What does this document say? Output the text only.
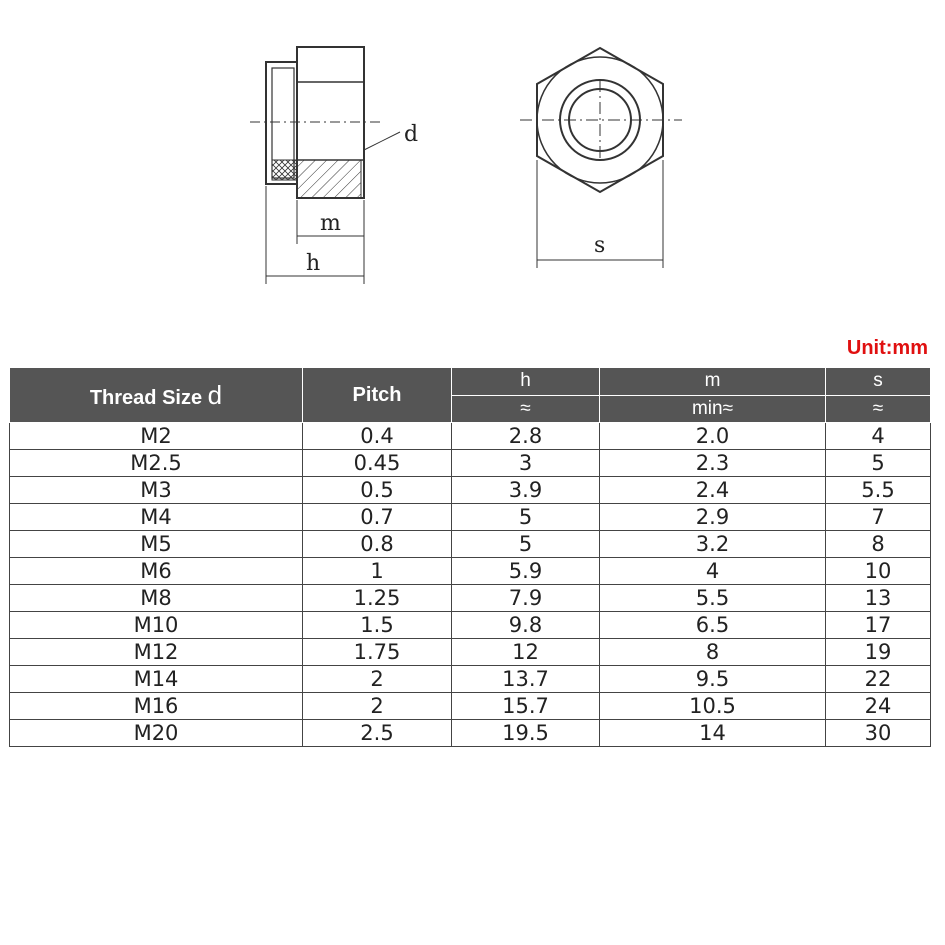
d
m
h
s
Unit:mm
Thread Size d	Pitch	h	m	s
		≈	min≈	≈
M2	0.4	2.8	2.0	4
M2.5	0.45	3	2.3	5
M3	0.5	3.9	2.4	5.5
M4	0.7	5	2.9	7
M5	0.8	5	3.2	8
M6	1	5.9	4	10
M8	1.25	7.9	5.5	13
M10	1.5	9.8	6.5	17
M12	1.75	12	8	19
M14	2	13.7	9.5	22
M16	2	15.7	10.5	24
M20	2.5	19.5	14	30
